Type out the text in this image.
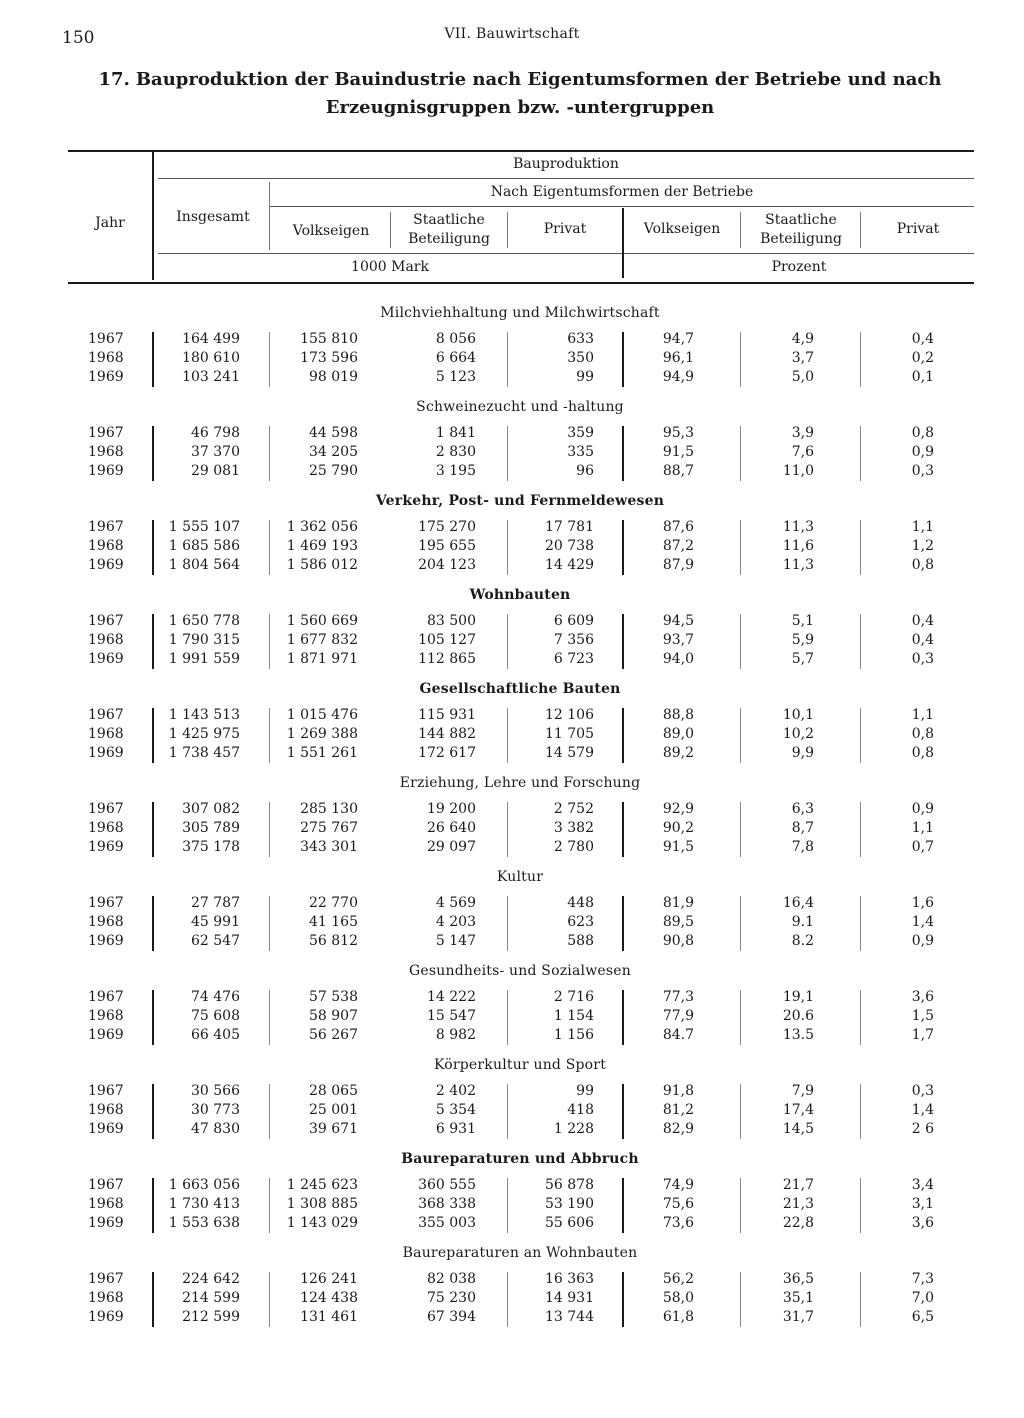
150	VII. Bauwirtschaft
17. Bauproduktion der Bauindustrie nach Eigentumsformen der Betriebe und nach
Erzeugnisgruppen bzw. -untergruppen
Jahr
Bauproduktion
Insgesamt
Nach Eigentumsformen der Betriebe
Volkseigen
Staatliche
Beteiligung
Privat	Volkseigen
Staatliche
Beteiligung
Privat
1000 Mark	Prozent
Milchviehhaltung und Milchwirtschaft
1967	164 499	155 810	8 056	633	94,7	4,9	0,4
1968	180 610	173 596	6 664	350	96,1	3,7	0,2
1969	103 241	98 019	5 123	99	94,9	5,0	0,1
Schweinezucht und -haltung
1967	46 798	44 598	1 841	359	95,3	3,9	0,8
1968	37 370	34 205	2 830	335	91,5	7,6	0,9
1969	29 081	25 790	3 195	96	88,7	11,0	0,3
Verkehr, Post- und Fernmeldewesen
1967	1 555 107	1 362 056	175 270	17 781	87,6	11,3	1,1
1968	1 685 586	1 469 193	195 655	20 738	87,2	11,6	1,2
1969	1 804 564	1 586 012	204 123	14 429	87,9	11,3	0,8
Wohnbauten
1967	1 650 778	1 560 669	83 500	6 609	94,5	5,1	0,4
1968	1 790 315	1 677 832	105 127	7 356	93,7	5,9	0,4
1969	1 991 559	1 871 971	112 865	6 723	94,0	5,7	0,3
Gesellschaftliche Bauten
1967	1 143 513	1 015 476	115 931	12 106	88,8	10,1	1,1
1968	1 425 975	1 269 388	144 882	11 705	89,0	10,2	0,8
1969	1 738 457	1 551 261	172 617	14 579	89,2	9,9	0,8
Erziehung, Lehre und Forschung
1967	307 082	285 130	19 200	2 752	92,9	6,3	0,9
1968	305 789	275 767	26 640	3 382	90,2	8,7	1,1
1969	375 178	343 301	29 097	2 780	91,5	7,8	0,7
Kultur
1967	27 787	22 770	4 569	448	81,9	16,4	1,6
1968	45 991	41 165	4 203	623	89,5	9.1	1,4
1969	62 547	56 812	5 147	588	90,8	8.2	0,9
Gesundheits- und Sozialwesen
1967	74 476	57 538	14 222	2 716	77,3	19,1	3,6
1968	75 608	58 907	15 547	1 154	77,9	20.6	1,5
1969	66 405	56 267	8 982	1 156	84.7	13.5	1,7
Körperkultur und Sport
1967	30 566	28 065	2 402	99	91,8	7,9	0,3
1968	30 773	25 001	5 354	418	81,2	17,4	1,4
1969	47 830	39 671	6 931	1 228	82,9	14,5	2 6
Baureparaturen und Abbruch
1967	1 663 056	1 245 623	360 555	56 878	74,9	21,7	3,4
1968	1 730 413	1 308 885	368 338	53 190	75,6	21,3	3,1
1969	1 553 638	1 143 029	355 003	55 606	73,6	22,8	3,6
Baureparaturen an Wohnbauten
1967	224 642	126 241	82 038	16 363	56,2	36,5	7,3
1968	214 599	124 438	75 230	14 931	58,0	35,1	7,0
1969	212 599	131 461	67 394	13 744	61,8	31,7	6,5
